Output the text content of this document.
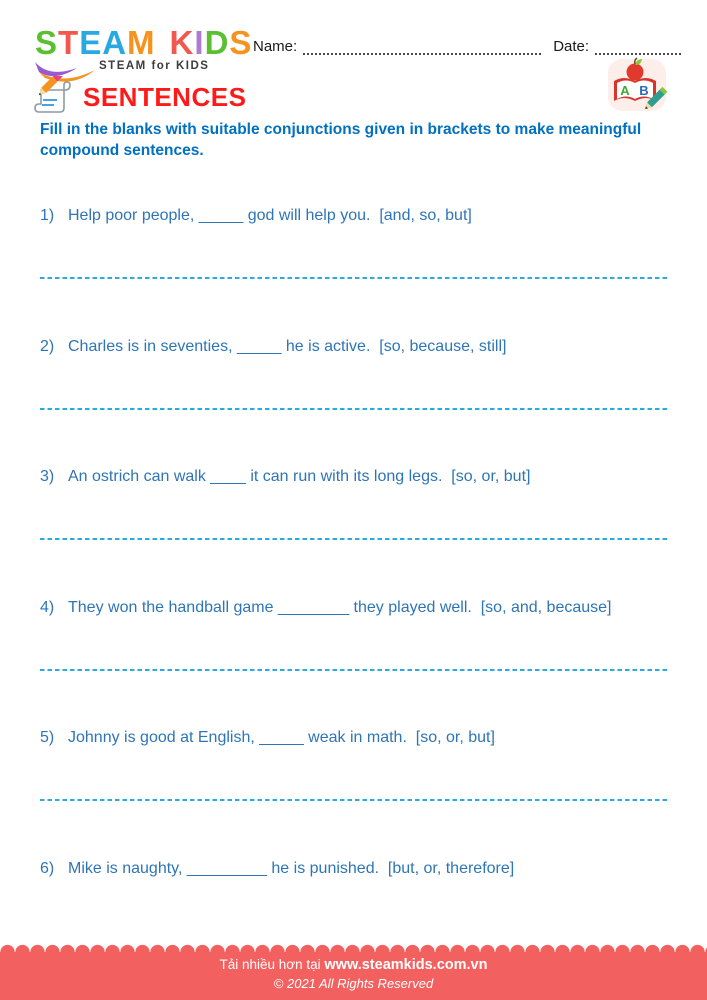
STEAM KIDS
STEAM for KIDS
Name:	Date:
A B
SENTENCES
Fill in the blanks with suitable conjunctions given in brackets to make meaningful compound sentences.
1) Help poor people, _____ god will help you.  [and, so, but]
2) Charles is in seventies, _____ he is active.  [so, because, still]
3) An ostrich can walk ____ it can run with its long legs.  [so, or, but]
4) They won the handball game ________ they played well.  [so, and, because]
5) Johnny is good at English, _____ weak in math.  [so, or, but]
6) Mike is naughty, _________ he is punished.  [but, or, therefore]
Tải nhiều hơn tại www.steamkids.com.vn
© 2021 All Rights Reserved
